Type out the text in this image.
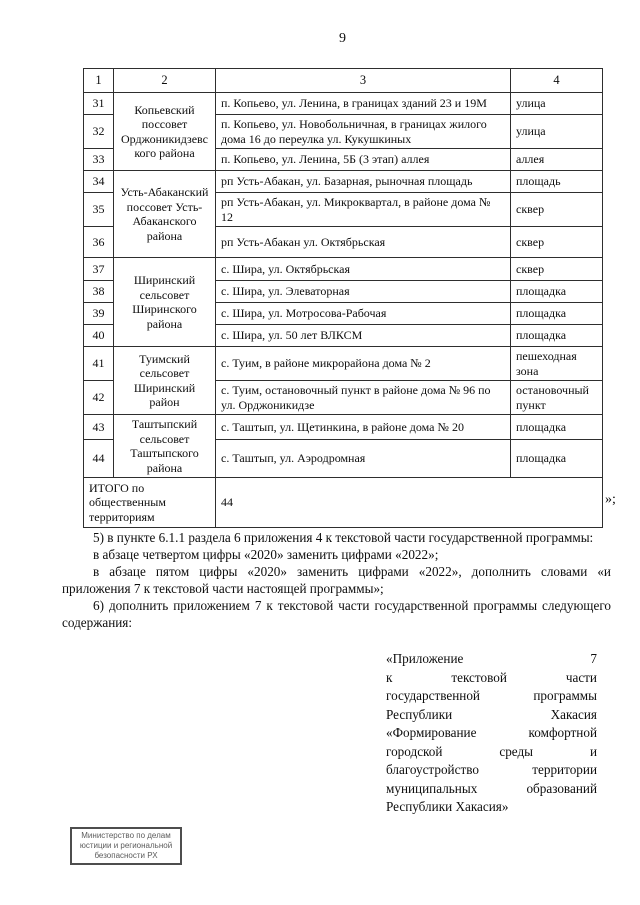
9
1	2	3	4
31	Копьевский поссовет Орджоникидзевского района	п. Копьево, ул. Ленина, в границах зданий 23 и 19М	улица
32		п. Копьево, ул. Новобольничная, в границах жилого дома 16 до переулка ул. Кукушкиных	улица
33		п. Копьево, ул. Ленина, 5Б (3 этап) аллея	аллея
34	Усть-Абаканский поссовет Усть-Абаканского района	рп Усть-Абакан, ул. Базарная, рыночная площадь	площадь
35		рп Усть-Абакан, ул. Микроквартал, в районе дома № 12	сквер
36		рп Усть-Абакан ул. Октябрьская	сквер
37	Ширинский сельсовет Ширинского района	с. Шира, ул. Октябрьская	сквер
38		с. Шира, ул. Элеваторная	площадка
39		с. Шира, ул. Мотросова-Рабочая	площадка
40		с. Шира, ул. 50 лет ВЛКСМ	площадка
41	Туимский сельсовет Ширинский район	с. Туим, в районе микрорайона дома № 2	пешеходная зона
42		с. Туим, остановочный пункт в районе дома № 96 по ул. Орджоникидзе	остановочный пункт
43	Таштыпский сельсовет Таштыпского района	с. Таштып, ул. Щетинкина, в районе дома № 20	площадка
44		с. Таштып, ул. Аэродромная	площадка
ИТОГО по общественным территориям		44		»;

5) в пункте 6.1.1 раздела 6 приложения 4 к текстовой части государственной программы:

в абзаце четвертом цифры «2020» заменить цифрами «2022»;

в абзаце пятом цифры «2020» заменить цифрами «2022», дополнить словами «и приложения 7 к текстовой части настоящей программы»;

6) дополнить приложением 7 к текстовой части государственной программы следующего содержания:

«Приложение 7
к текстовой части
государственной программы
Республики Хакасия
«Формирование комфортной
городской среды и
благоустройство территории
муниципальных образований
Республики Хакасия»
Министерство по делам
юстиции и региональной
безопасности РХ
